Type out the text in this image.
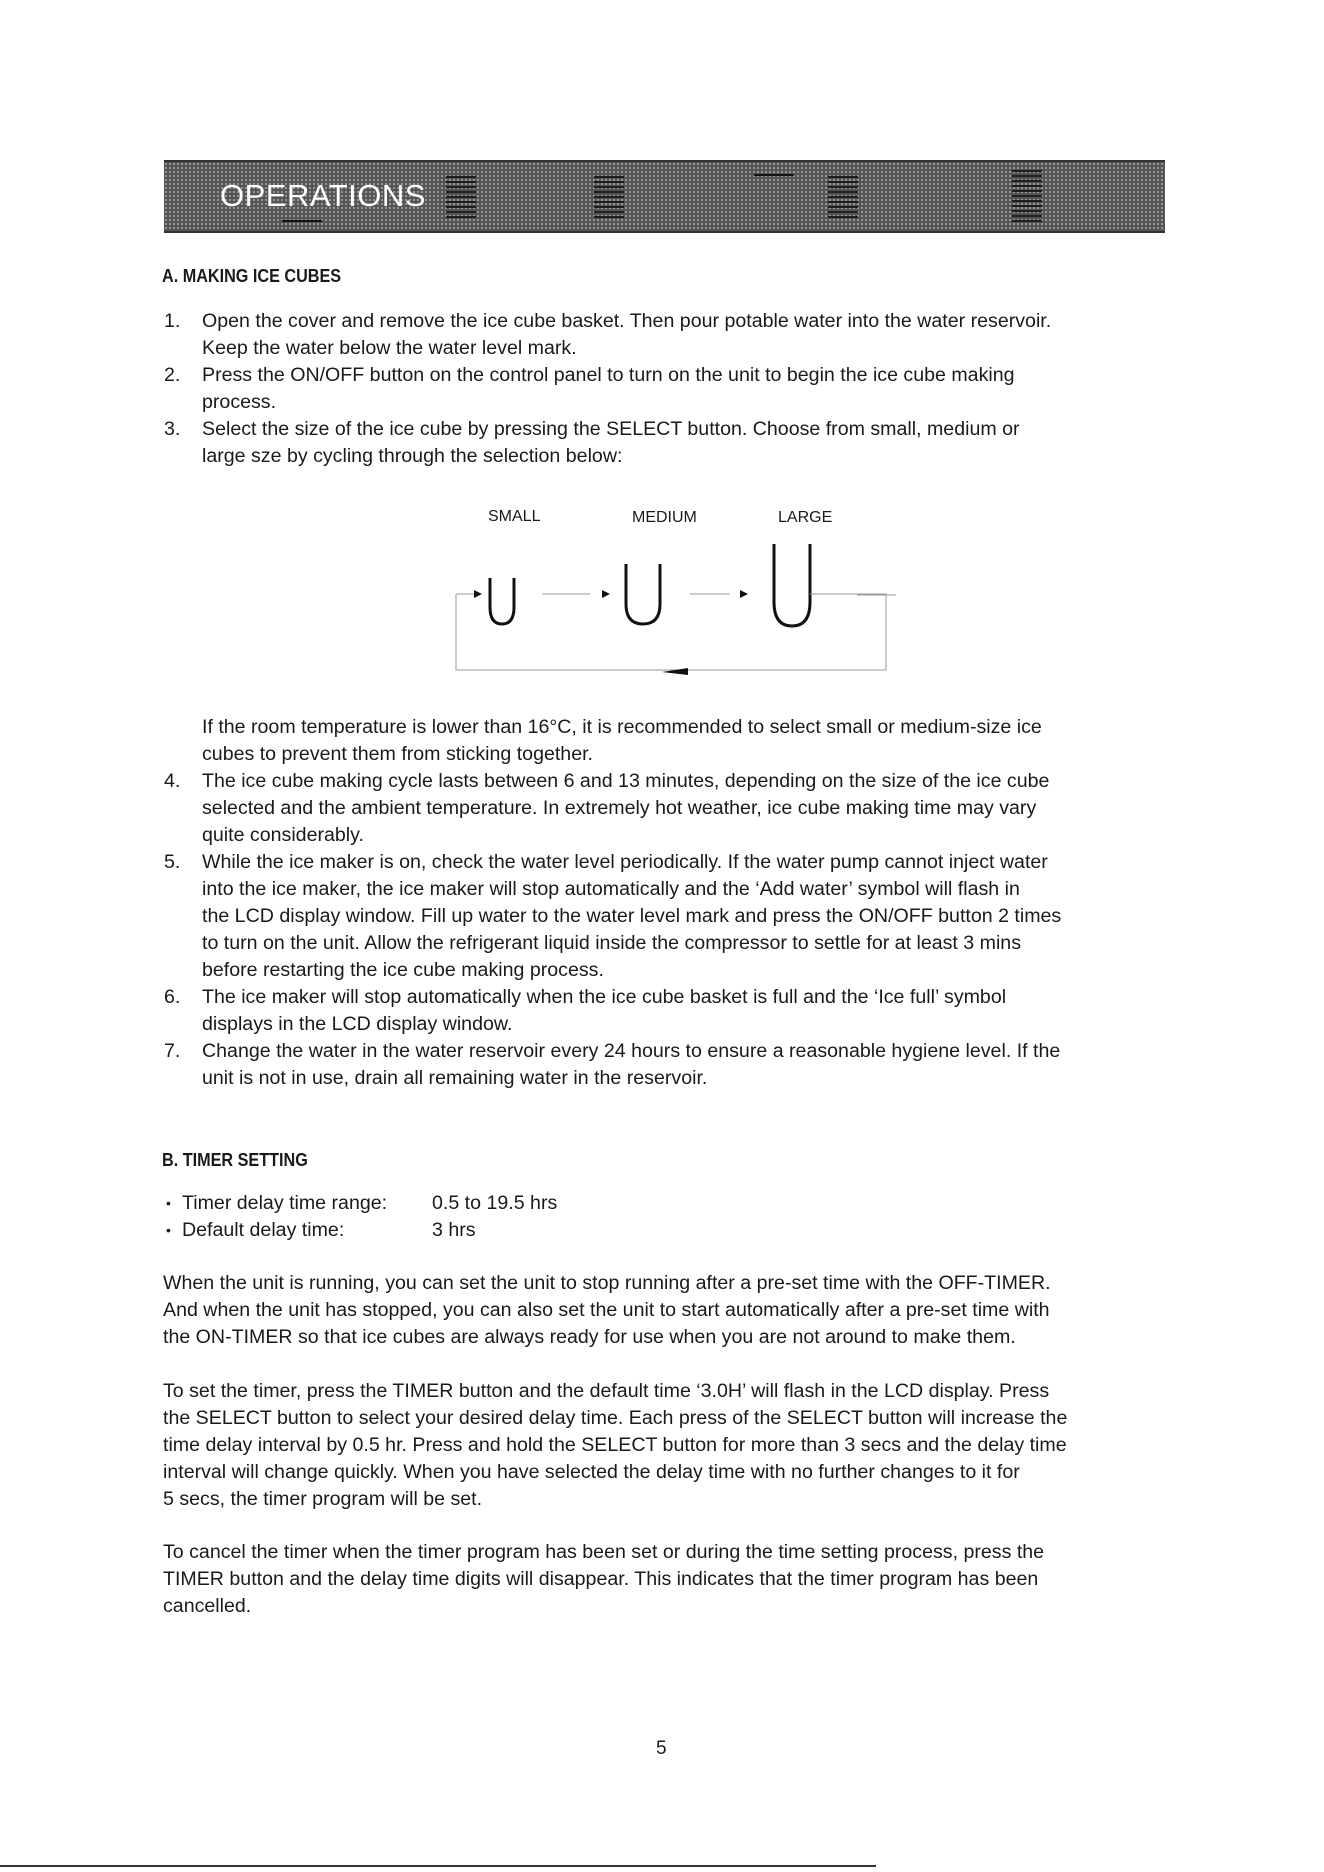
OPERATIONS
A. MAKING ICE CUBES
1. Open the cover and remove the ice cube basket. Then pour potable water into the water reservoir.
Keep the water below the water level mark.
2. Press the ON/OFF button on the control panel to turn on the unit to begin the ice cube making
process.
3. Select the size of the ice cube by pressing the SELECT button. Choose from small, medium or
large sze by cycling through the selection below:
SMALL	MEDIUM	LARGE
If the room temperature is lower than 16°C, it is recommended to select small or medium-size ice
cubes to prevent them from sticking together.
4. The ice cube making cycle lasts between 6 and 13 minutes, depending on the size of the ice cube
selected and the ambient temperature. In extremely hot weather, ice cube making time may vary
quite considerably.
5. While the ice maker is on, check the water level periodically. If the water pump cannot inject water
into the ice maker, the ice maker will stop automatically and the ‘Add water’ symbol will flash in
the LCD display window. Fill up water to the water level mark and press the ON/OFF button 2 times
to turn on the unit. Allow the refrigerant liquid inside the compressor to settle for at least 3 mins
before restarting the ice cube making process.
6. The ice maker will stop automatically when the ice cube basket is full and the ‘Ice full’ symbol
displays in the LCD display window.
7. Change the water in the water reservoir every 24 hours to ensure a reasonable hygiene level. If the
unit is not in use, drain all remaining water in the reservoir.
B. TIMER SETTING
• Timer delay time range: 0.5 to 19.5 hrs
• Default delay time:	3 hrs
When the unit is running, you can set the unit to stop running after a pre-set time with the OFF-TIMER.
And when the unit has stopped, you can also set the unit to start automatically after a pre-set time with
the ON-TIMER so that ice cubes are always ready for use when you are not around to make them.
To set the timer, press the TIMER button and the default time ‘3.0H’ will flash in the LCD display. Press
the SELECT button to select your desired delay time. Each press of the SELECT button will increase the
time delay interval by 0.5 hr. Press and hold the SELECT button for more than 3 secs and the delay time
interval will change quickly. When you have selected the delay time with no further changes to it for
5 secs, the timer program will be set.
To cancel the timer when the timer program has been set or during the time setting process, press the
TIMER button and the delay time digits will disappear. This indicates that the timer program has been
cancelled.
5
